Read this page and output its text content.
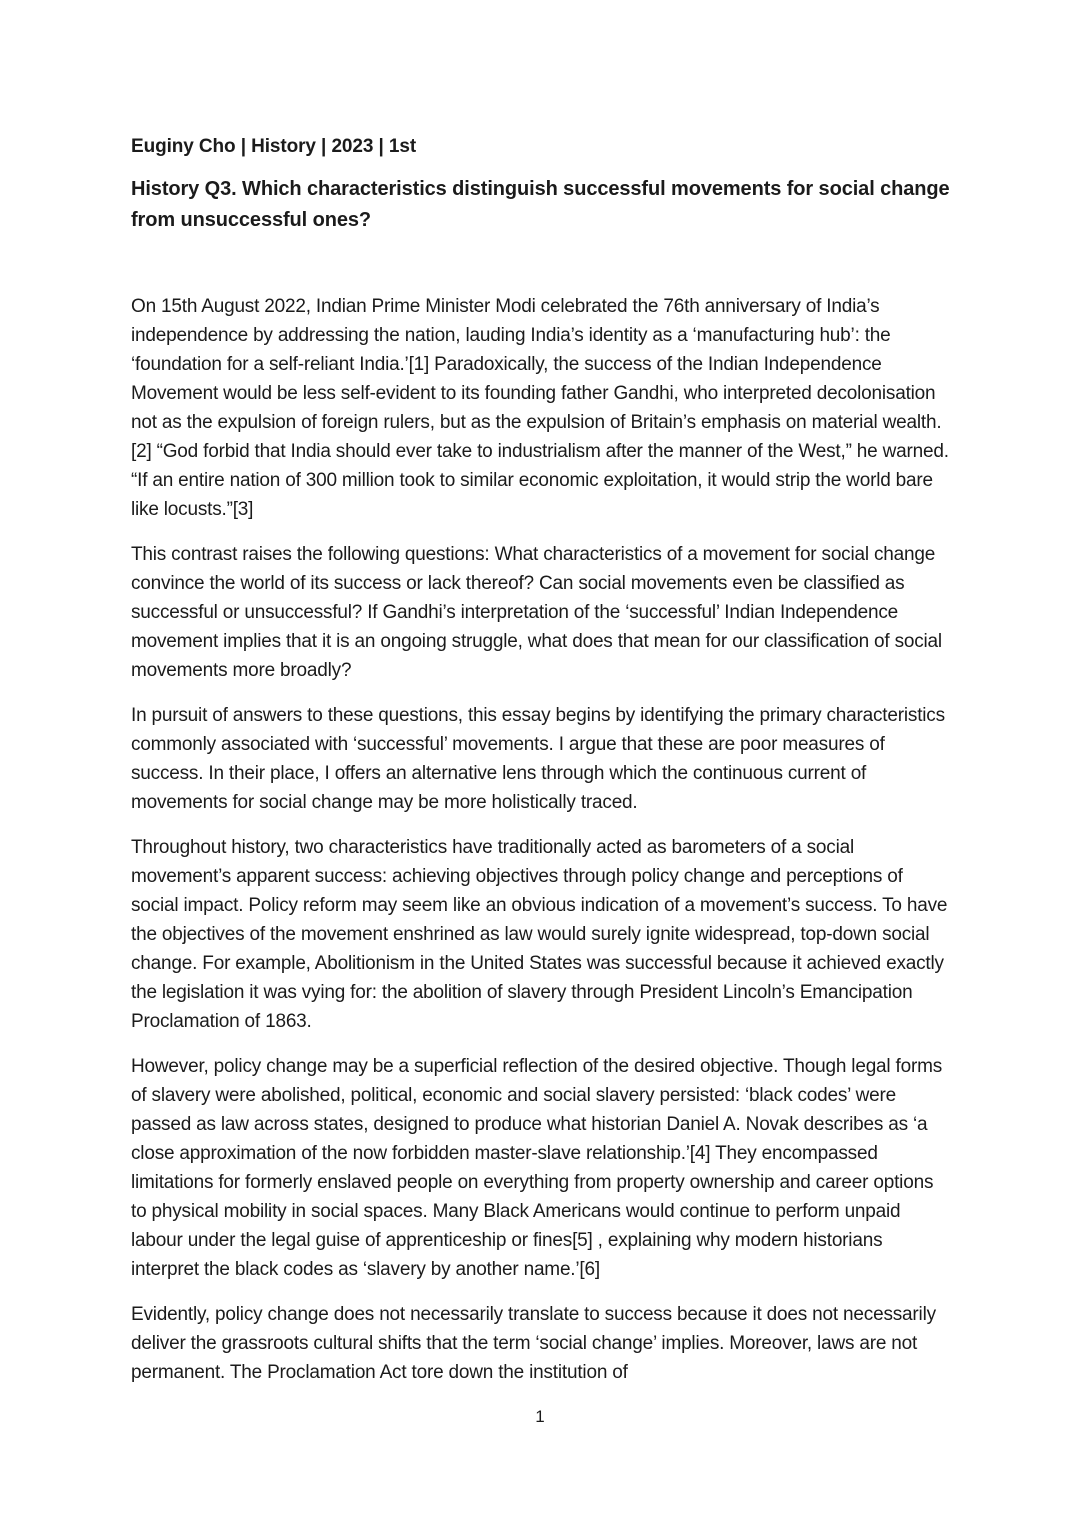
Euginy Cho | History | 2023 | 1st

History Q3. Which characteristics distinguish successful movements for social change from unsuccessful ones?

On 15th August 2022, Indian Prime Minister Modi celebrated the 76th anniversary of India’s independence by addressing the nation, lauding India’s identity as a ‘manufacturing hub’: the ‘foundation for a self-reliant India.’[1] Paradoxically, the success of the Indian Independence Movement would be less self-evident to its founding father Gandhi, who interpreted decolonisation not as the expulsion of foreign rulers, but as the expulsion of Britain’s emphasis on material wealth.[2] “God forbid that India should ever take to industrialism after the manner of the West,” he warned. “If an entire nation of 300 million took to similar economic exploitation, it would strip the world bare like locusts.”[3]

This contrast raises the following questions: What characteristics of a movement for social change convince the world of its success or lack thereof? Can social movements even be classified as successful or unsuccessful? If Gandhi’s interpretation of the ‘successful’ Indian Independence movement implies that it is an ongoing struggle, what does that mean for our classification of social movements more broadly?

In pursuit of answers to these questions, this essay begins by identifying the primary characteristics commonly associated with ‘successful’ movements. I argue that these are poor measures of success. In their place, I offers an alternative lens through which the continuous current of movements for social change may be more holistically traced.

Throughout history, two characteristics have traditionally acted as barometers of a social movement’s apparent success: achieving objectives through policy change and perceptions of social impact. Policy reform may seem like an obvious indication of a movement’s success. To have the objectives of the movement enshrined as law would surely ignite widespread, top-down social change. For example, Abolitionism in the United States was successful because it achieved exactly the legislation it was vying for: the abolition of slavery through President Lincoln’s Emancipation Proclamation of 1863.

However, policy change may be a superficial reflection of the desired objective. Though legal forms of slavery were abolished, political, economic and social slavery persisted: ‘black codes’ were passed as law across states, designed to produce what historian Daniel A. Novak describes as ‘a close approximation of the now forbidden master-slave relationship.’[4] They encompassed limitations for formerly enslaved people on everything from property ownership and career options to physical mobility in social spaces. Many Black Americans would continue to perform unpaid labour under the legal guise of apprenticeship or fines[5] , explaining why modern historians interpret the black codes as ‘slavery by another name.’[6]

Evidently, policy change does not necessarily translate to success because it does not necessarily deliver the grassroots cultural shifts that the term ‘social change’ implies. Moreover, laws are not permanent. The Proclamation Act tore down the institution of

1
